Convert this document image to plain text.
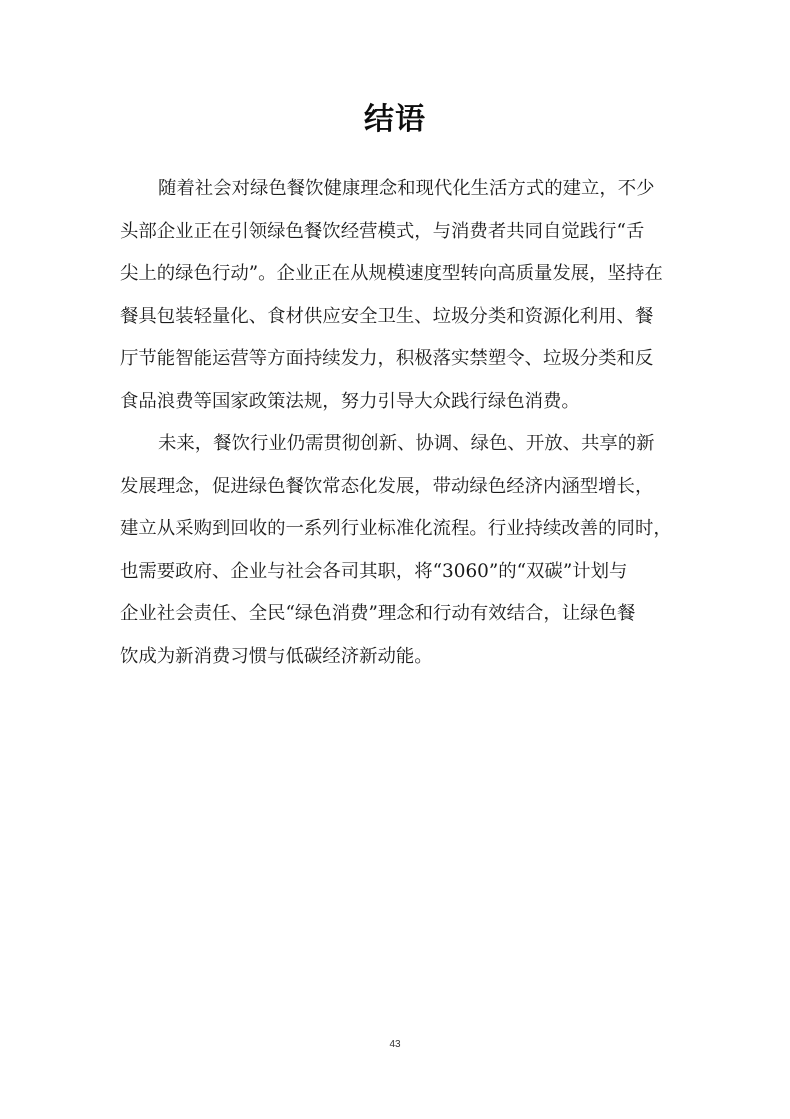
结语
随着社会对绿色餐饮健康理念和现代化生活方式的建立，不少
头部企业正在引领绿色餐饮经营模式，与消费者共同自觉践行“舌
尖上的绿色行动”。企业正在从规模速度型转向高质量发展，坚持在
餐具包装轻量化、食材供应安全卫生、垃圾分类和资源化利用、餐
厅节能智能运营等方面持续发力，积极落实禁塑令、垃圾分类和反
食品浪费等国家政策法规，努力引导大众践行绿色消费。
未来，餐饮行业仍需贯彻创新、协调、绿色、开放、共享的新
发展理念，促进绿色餐饮常态化发展，带动绿色经济内涵型增长，
建立从采购到回收的一系列行业标准化流程。行业持续改善的同时，
也需要政府、企业与社会各司其职，将“3060”的“双碳”计划与
企业社会责任、全民“绿色消费”理念和行动有效结合，让绿色餐
饮成为新消费习惯与低碳经济新动能。
43
